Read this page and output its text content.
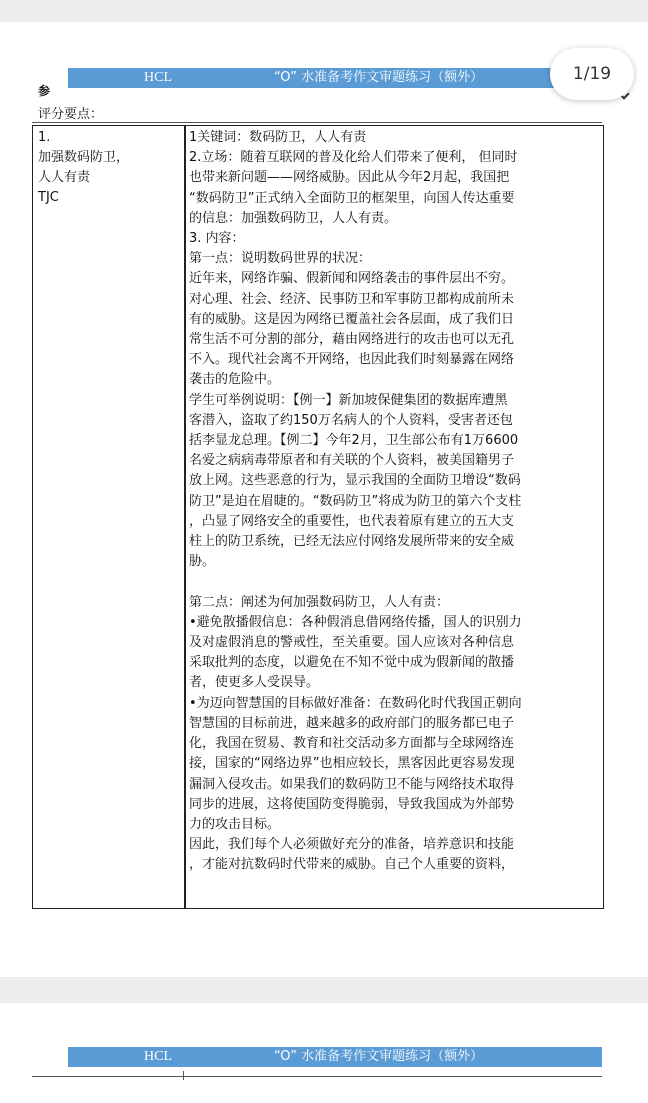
HCL	“O” 水准备考作文审题练习（额外）
参
评分要点：
1.
加强数码防卫，
人人有责
TJC

1关键词：数码防卫，人人有责

2.立场：随着互联网的普及化给人们带来了便利， 但同时

也带来新问题——网络威胁。因此从今年2月起，我国把

“数码防卫”正式纳入全面防卫的框架里，向国人传达重要

的信息：加强数码防卫，人人有责。

3. 内容：

第一点：说明数码世界的状况：

近年来，网络诈骗、假新闻和网络袭击的事件层出不穷。

对心理、社会、经济、民事防卫和军事防卫都构成前所未

有的威胁。这是因为网络已覆盖社会各层面，成了我们日

常生活不可分割的部分，藉由网络进行的攻击也可以无孔

不入。现代社会离不开网络，也因此我们时刻暴露在网络

袭击的危险中。

学生可举例说明：【例一】新加坡保健集团的数据库遭黑

客潜入，盗取了约150万名病人的个人资料，受害者还包

括李显龙总理。【例二】今年2月，卫生部公布有1万6600

名爱之病病毒带原者和有关联的个人资料，被美国籍男子

放上网。这些恶意的行为，显示我国的全面防卫增设“数码

防卫”是迫在眉睫的。“数码防卫”将成为防卫的第六个支柱

，凸显了网络安全的重要性，也代表着原有建立的五大支

柱上的防卫系统，已经无法应付网络发展所带来的安全威

胁。

第二点：阐述为何加强数码防卫，人人有责：

•避免散播假信息：各种假消息借网络传播，国人的识别力

及对虚假消息的警戒性，至关重要。国人应该对各种信息

采取批判的态度，以避免在不知不觉中成为假新闻的散播

者，使更多人受误导。

•为迈向智慧国的目标做好准备：在数码化时代我国正朝向

智慧国的目标前进，越来越多的政府部门的服务都已电子

化，我国在贸易、教育和社交活动多方面都与全球网络连

接，国家的“网络边界”也相应较长，黑客因此更容易发现

漏洞入侵攻击。如果我们的数码防卫不能与网络技术取得

同步的进展，这将使国防变得脆弱，导致我国成为外部势

力的攻击目标。

因此，我们每个人必须做好充分的准备，培养意识和技能

，才能对抗数码时代带来的威胁。自己个人重要的资料，

1/19
HCL	“O” 水准备考作文审题练习（额外）
